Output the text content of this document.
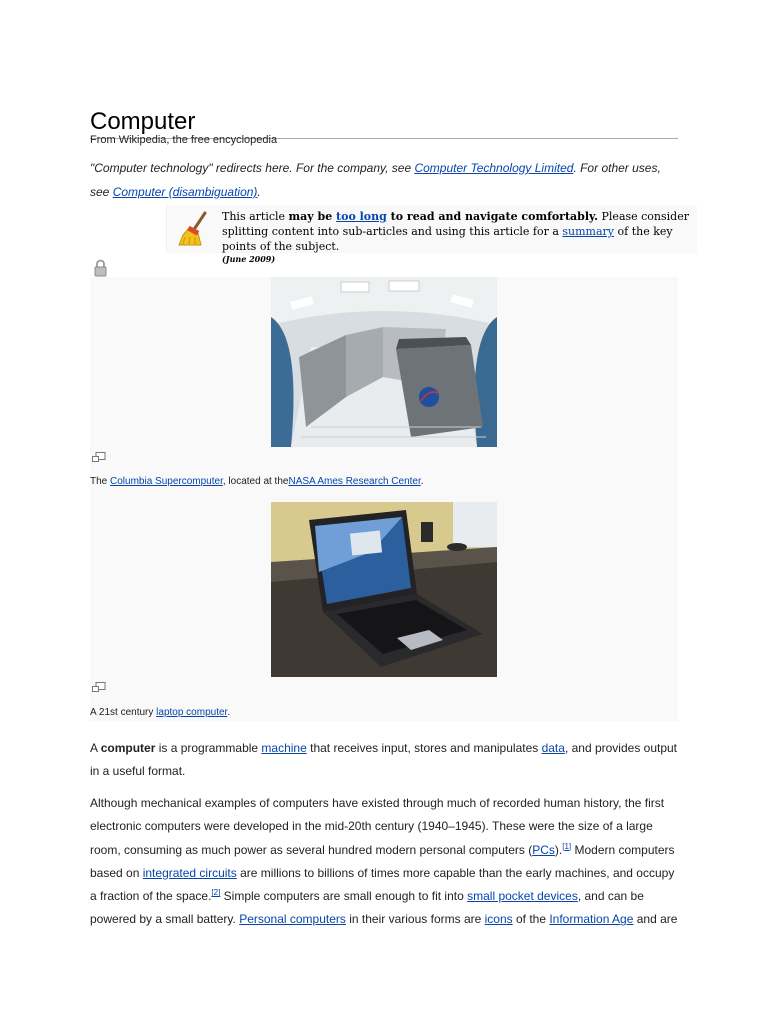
Computer
From Wikipedia, the free encyclopedia
"Computer technology" redirects here. For the company, see Computer Technology Limited. For other uses, see Computer (disambiguation).
This article may be too long to read and navigate comfortably. Please consider splitting content into sub-articles and using this article for a summary of the key points of the subject.
(June 2009)
The Columbia Supercomputer, located at theNASA Ames Research Center.
A 21st century laptop computer.
A computer is a programmable machine that receives input, stores and manipulates data, and provides output in a useful format.
Although mechanical examples of computers have existed through much of recorded human history, the first electronic computers were developed in the mid-20th century (1940–1945). These were the size of a large room, consuming as much power as several hundred modern personal computers (PCs).[1] Modern computers based on integrated circuits are millions to billions of times more capable than the early machines, and occupy a fraction of the space.[2] Simple computers are small enough to fit into small pocket devices, and can be powered by a small battery. Personal computers in their various forms are icons of the Information Age and are
